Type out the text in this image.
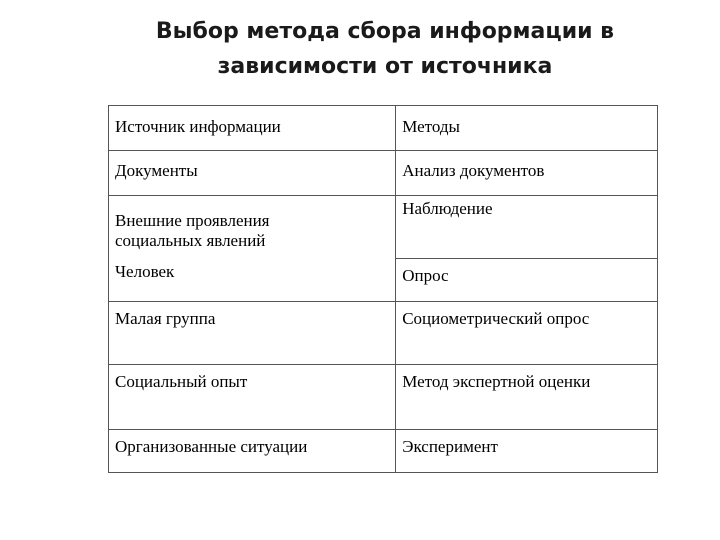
Выбор метода сбора информации в
зависимости от источника
Источник информации	Методы

Документы	Анализ документов

Внешние проявления
социальных явлений	Наблюдение

Человек	Опрос

Малая группа	Социометрический опрос

Социальный опыт	Метод экспертной оценки

Организованные ситуации	Эксперимент
